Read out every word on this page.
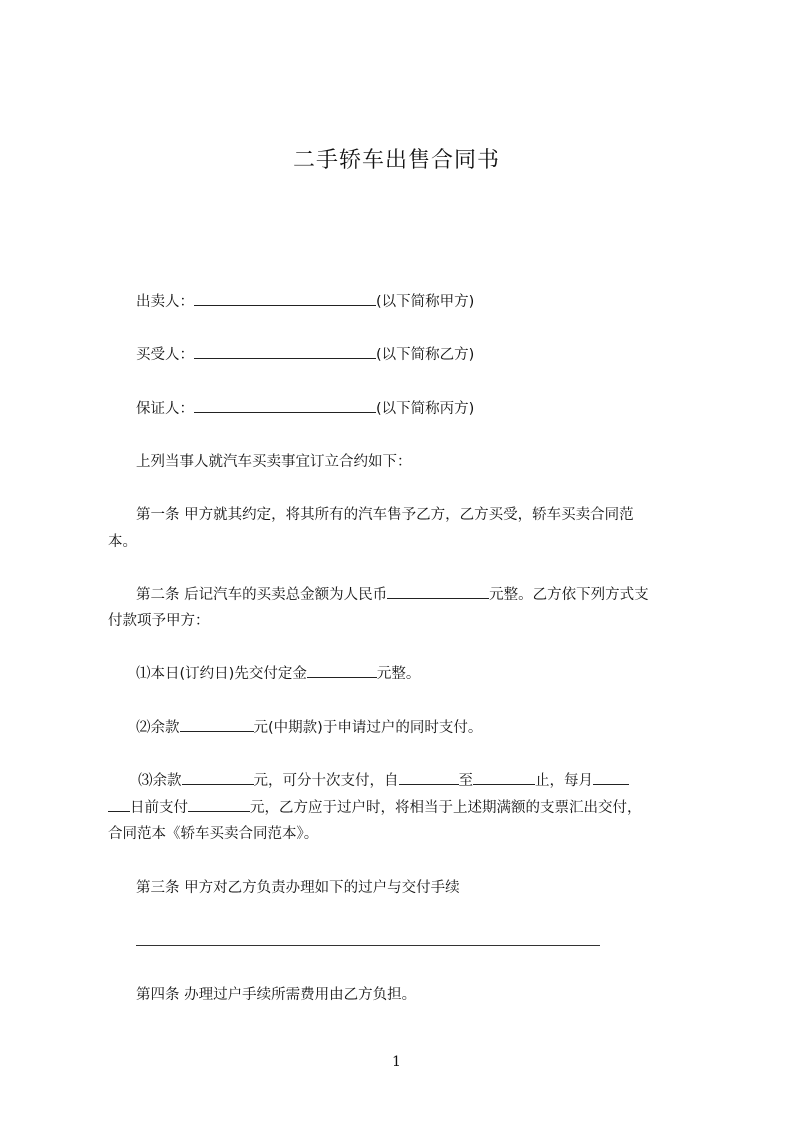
二手轿车出售合同书
出卖人：	(以下简称甲方)
买受人：	(以下简称乙方)
保证人：	(以下简称丙方)
上列当事人就汽车买卖事宜订立合约如下：
第一条 甲方就其约定，将其所有的汽车售予乙方，乙方买受，轿车买卖合同范
本。
第二条 后记汽车的买卖总金额为人民币	元整。乙方依下列方式支
付款项予甲方：
⑴本日(订约日)先交付定金	元整。
⑵余款	元(中期款)于申请过户的同时支付。
⑶余款	元，可分十次支付，自	至	止，每月
日前支付	元，乙方应于过户时，将相当于上述期满额的支票汇出交付，
合同范本《轿车买卖合同范本》。
第三条 甲方对乙方负责办理如下的过户与交付手续
第四条 办理过户手续所需费用由乙方负担。
1
